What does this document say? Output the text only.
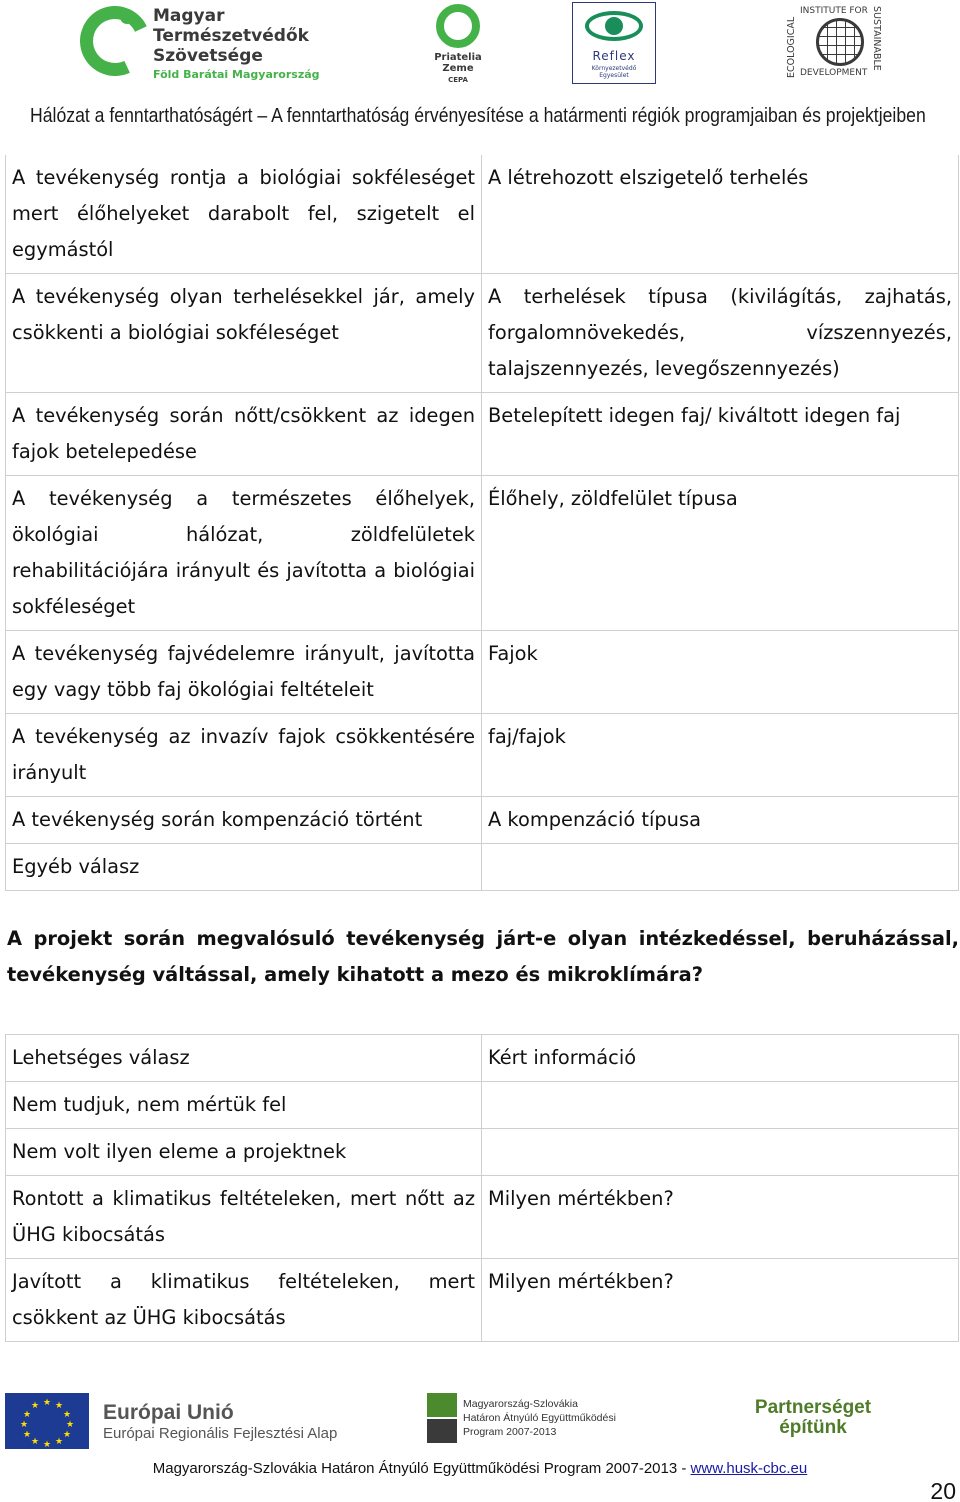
Magyar
Természetvédők
Szövetsége
Föld Barátai Magyarország
Priatelia
Zeme
CEPA
Reflex
Környezetvédő
Egyesület	ECOLOGICAL
INSTITUTE FOR
DEVELOPMENT
SUSTAINABLE
Hálózat a fenntarthatóságért – A fenntarthatóság érvényesítése a határmenti régiók programjaiban és projektjeiben
A tevékenység rontja a biológiai sokféleséget mert élőhelyeket darabolt fel, szigetelt el egymástól	A létrehozott elszigetelő terhelés
A tevékenység olyan terhelésekkel jár, amely csökkenti a biológiai sokféleséget	A terhelések típusa (kivilágítás, zajhatás, forgalomnövekedés, vízszennyezés, talajszennyezés, levegőszennyezés)
A tevékenység során nőtt/csökkent az idegen fajok betelepedése	Betelepített idegen faj/ kiváltott idegen faj
A tevékenység a természetes élőhelyek, ökológiai hálózat, zöldfelületek rehabilitációjára irányult és javította a biológiai sokféleséget	Élőhely, zöldfelület típusa
A tevékenység fajvédelemre irányult, javította egy vagy több faj ökológiai feltételeit	Fajok
A tevékenység az invazív fajok csökkentésére irányult	faj/fajok
A tevékenység során kompenzáció történt	A kompenzáció típusa
Egyéb válasz	
A projekt során megvalósuló tevékenység járt-e olyan intézkedéssel, beruházással, tevékenység váltással, amely kihatott a mezo és mikroklímára?
Lehetséges válasz	Kért információ
Nem tudjuk, nem mértük fel	
Nem volt ilyen eleme a projektnek	
Rontott a klimatikus feltételeken, mert nőtt az ÜHG kibocsátás	Milyen mértékben?
Javított a klimatikus feltételeken, mert csökkent az ÜHG kibocsátás	Milyen mértékben?
★ ★
★
★
★
★
★
★
★
★
★
★	Európai Unió
Európai Regionális Fejlesztési Alap
Magyarország-Szlovákia
Határon Átnyúló Együttműködési
Program 2007-2013
Partnerséget
építünk
Magyarország-Szlovákia Határon Átnyúló Együttműködési Program 2007-2013 - www.husk-cbc.eu
20
